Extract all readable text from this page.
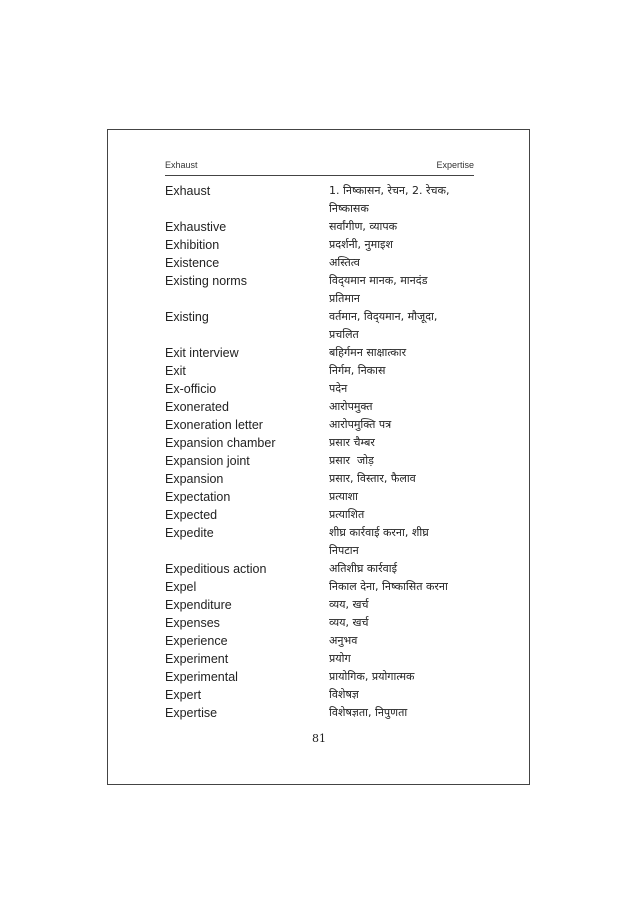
Exhaust	Expertise
Exhaust	1. निष्कासन, रेचन, 2. रेचक,
निष्कासक
Exhaustive	सर्वांगीण, व्यापक
Exhibition	प्रदर्शनी, नुमाइश
Existence	अस्तित्व
Existing norms	विद्‌यमान मानक, मानदंड
प्रतिमान
Existing	वर्तमान, विद्‌यमान, मौजूदा,
प्रचलित
Exit interview	बहिर्गमन साक्षात्कार
Exit	निर्गम, निकास
Ex-officio	पदेन
Exonerated	आरोपमुक्त
Exoneration letter	आरोपमुक्ति पत्र
Expansion chamber	प्रसार चैम्बर
Expansion joint	प्रसार  जोड़
Expansion	प्रसार, विस्तार, फैलाव
Expectation	प्रत्याशा
Expected	प्रत्याशित
Expedite	शीघ्र कार्रवाई करना, शीघ्र
निपटान
Expeditious action	अतिशीघ्र कार्रवाई
Expel	निकाल देना, निष्कासित करना
Expenditure	व्यय, खर्च
Expenses	व्यय, खर्च
Experience	अनुभव
Experiment	प्रयोग
Experimental	प्रायोगिक, प्रयोगात्मक
Expert	विशेषज्ञ
Expertise	विशेषज्ञता, निपुणता
81
